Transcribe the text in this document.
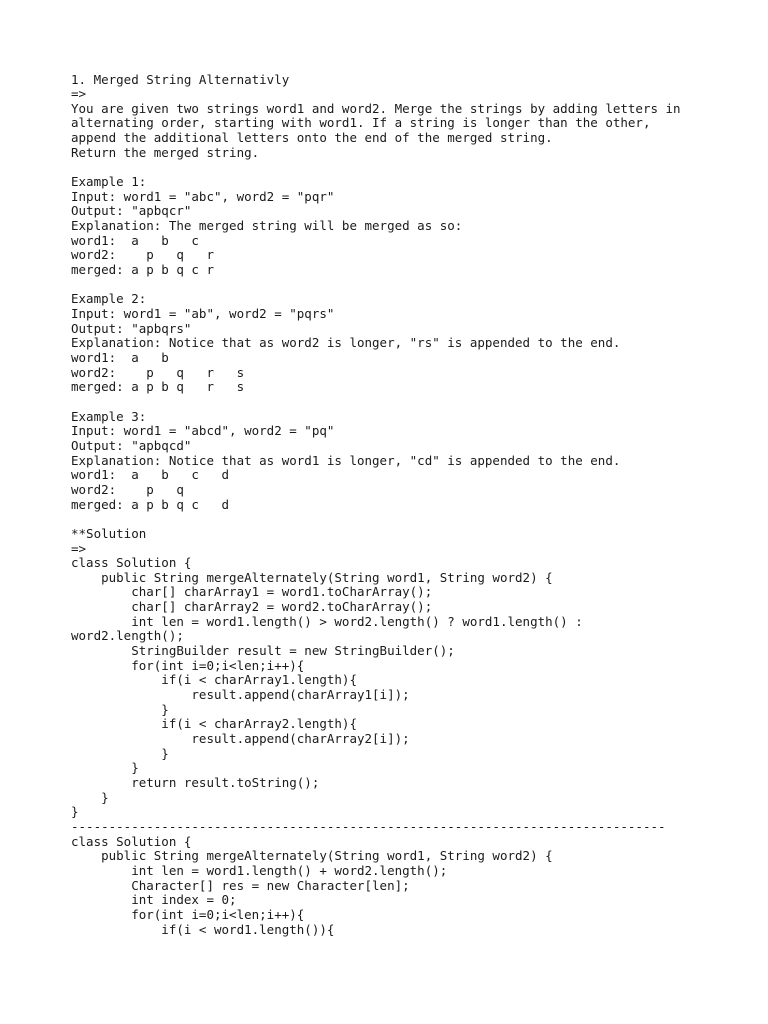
1. Merged String Alternativly
=>
You are given two strings word1 and word2. Merge the strings by adding letters in
alternating order, starting with word1. If a string is longer than the other,
append the additional letters onto the end of the merged string.
Return the merged string.

Example 1:
Input: word1 = "abc", word2 = "pqr"
Output: "apbqcr"
Explanation: The merged string will be merged as so:
word1:  a   b   c
word2:    p   q   r
merged: a p b q c r

Example 2:
Input: word1 = "ab", word2 = "pqrs"
Output: "apbqrs"
Explanation: Notice that as word2 is longer, "rs" is appended to the end.
word1:  a   b
word2:    p   q   r   s
merged: a p b q   r   s

Example 3:
Input: word1 = "abcd", word2 = "pq"
Output: "apbqcd"
Explanation: Notice that as word1 is longer, "cd" is appended to the end.
word1:  a   b   c   d
word2:    p   q
merged: a p b q c   d

**Solution
=>
class Solution {
public String mergeAlternately(String word1, String word2) {
char[] charArray1 = word1.toCharArray();
char[] charArray2 = word2.toCharArray();
int len = word1.length() > word2.length() ? word1.length() :
word2.length();
StringBuilder result = new StringBuilder();
for(int i=0;i<len;i++){
if(i < charArray1.length){
result.append(charArray1[i]);
}
if(i < charArray2.length){
result.append(charArray2[i]);
}
}
return result.toString();
}
}
-------------------------------------------------------------------------------
class Solution {
public String mergeAlternately(String word1, String word2) {
int len = word1.length() + word2.length();
Character[] res = new Character[len];
int index = 0;
for(int i=0;i<len;i++){
if(i < word1.length()){
